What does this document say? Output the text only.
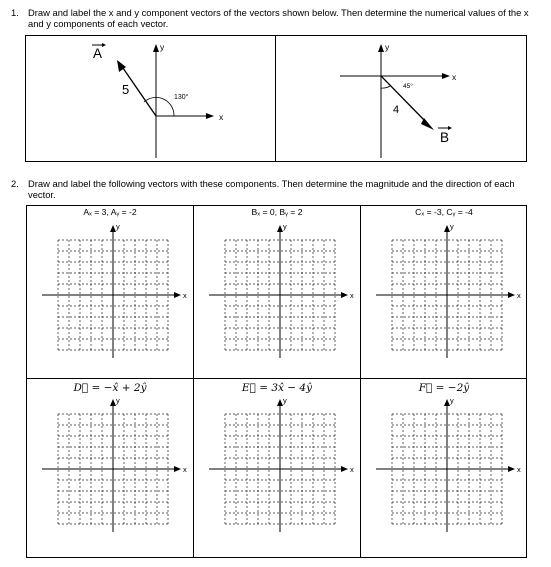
1. Draw and label the x and y component vectors of the vectors shown below. Then determine the numerical values of the x and y components of each vector.
y
x
130°
5
A	y
x
45°
4
B
2. Draw and label the following vectors with these components. Then determine the magnitude and the direction of each vector.
Aₓ = 3, Aᵧ = -2	Bₓ = 0, Bᵧ = 2	Cₓ = -3, Cᵧ = -4
D⃗ = −x̂ + 2ŷ	E⃗ = 3x̂ − 4ŷ	F⃗ = −2ŷ
x
y
x
y
x
y
x
y
x
y
x
y
